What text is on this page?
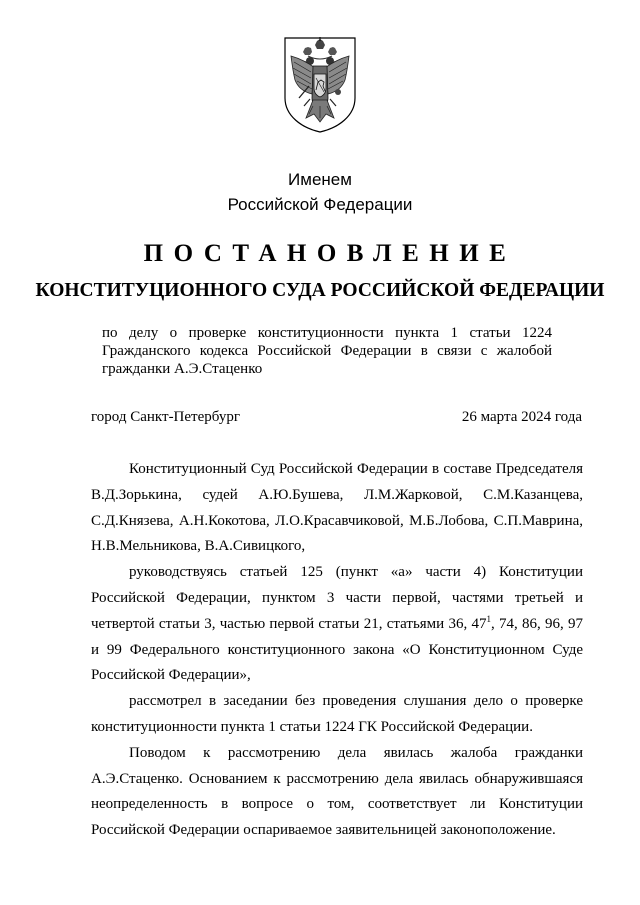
Именем
Российской Федерации
ПОСТАНОВЛЕНИЕ
КОНСТИТУЦИОННОГО СУДА РОССИЙСКОЙ ФЕДЕРАЦИИ
по делу о проверке конституционности пункта 1 статьи 1224 Гражданского кодекса Российской Федерации в связи с жалобой гражданки А.Э.Стаценко
город Санкт-Петербург	26 марта 2024 года

Конституционный Суд Российской Федерации в составе Председателя В.Д.Зорькина, судей А.Ю.Бушева, Л.М.Жарковой, С.М.Казанцева, С.Д.Князева, А.Н.Кокотова, Л.О.Красавчиковой, М.Б.Лобова, С.П.Маврина, Н.В.Мельникова, В.А.Сивицкого,

руководствуясь статьей 125 (пункт «а» части 4) Конституции Российской Федерации, пунктом 3 части первой, частями третьей и четвертой статьи 3, частью первой статьи 21, статьями 36, $47^1$, 74, 86, 96, 97 и 99 Федерального конституционного закона «О Конституционном Суде Российской Федерации»,

рассмотрел в заседании без проведения слушания дело о проверке конституционности пункта 1 статьи 1224 ГК Российской Федерации.

Поводом к рассмотрению дела явилась жалоба гражданки А.Э.Стаценко. Основанием к рассмотрению дела явилась обнаружившаяся неопределенность в вопросе о том, соответствует ли Конституции Российской Федерации оспариваемое заявительницей законоположение.
